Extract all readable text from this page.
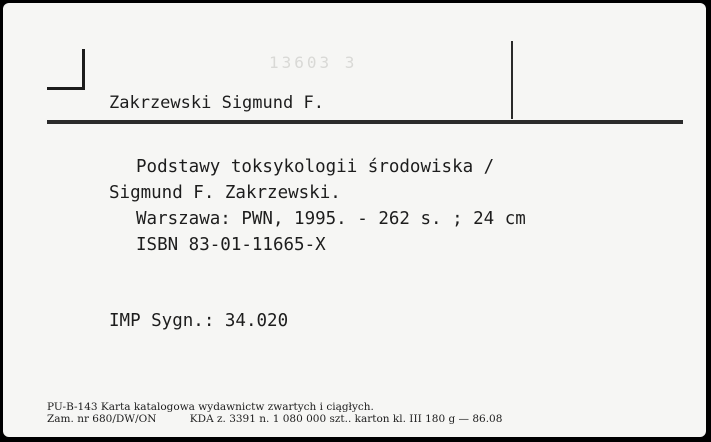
13603 3
Zakrzewski Sigmund F.
Podstawy toksykologii środowiska /
Sigmund F. Zakrzewski.
Warszawa: PWN, 1995. - 262 s. ; 24 cm
ISBN 83-01-11665-X
IMP Sygn.: 34.020
PU-B-143 Karta katalogowa wydawnictw zwartych i ciągłych.
Zam. nr 680/DW/ON          KDA z. 3391 n. 1 080 000 szt.. karton kl. III 180 g — 86.08
